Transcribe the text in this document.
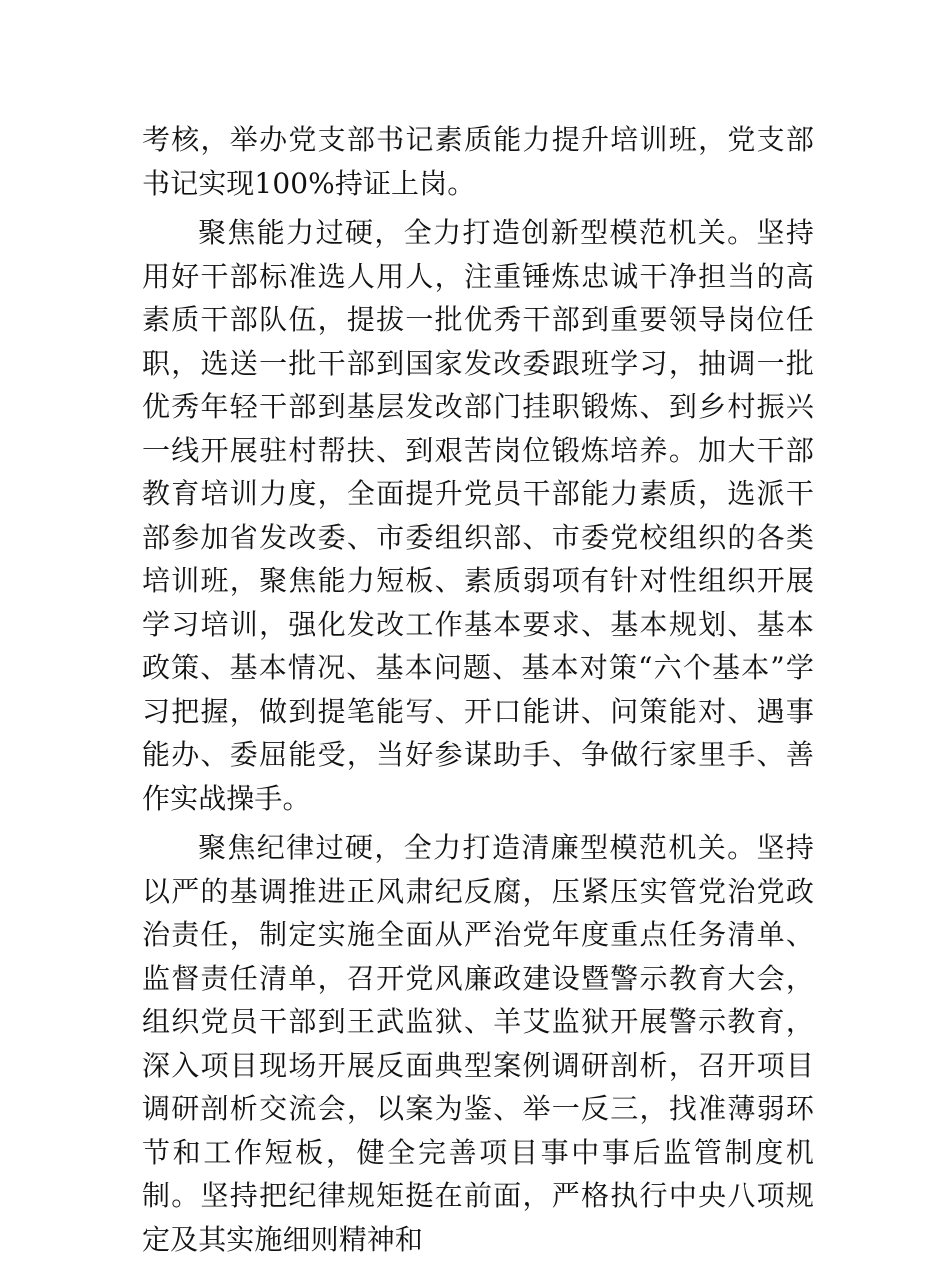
考核，举办党支部书记素质能力提升培训班，党支部书记实现100%持证上岗。

聚焦能力过硬，全力打造创新型模范机关。坚持用好干部标准选人用人，注重锤炼忠诚干净担当的高素质干部队伍，提拔一批优秀干部到重要领导岗位任职，选送一批干部到国家发改委跟班学习，抽调一批优秀年轻干部到基层发改部门挂职锻炼、到乡村振兴一线开展驻村帮扶、到艰苦岗位锻炼培养。加大干部教育培训力度，全面提升党员干部能力素质，选派干部参加省发改委、市委组织部、市委党校组织的各类培训班，聚焦能力短板、素质弱项有针对性组织开展学习培训，强化发改工作基本要求、基本规划、基本政策、基本情况、基本问题、基本对策“六个基本”学习把握，做到提笔能写、开口能讲、问策能对、遇事能办、委屈能受，当好参谋助手、争做行家里手、善作实战操手。

聚焦纪律过硬，全力打造清廉型模范机关。坚持以严的基调推进正风肃纪反腐，压紧压实管党治党政治责任，制定实施全面从严治党年度重点任务清单、监督责任清单，召开党风廉政建设暨警示教育大会，组织党员干部到王武监狱、羊艾监狱开展警示教育，深入项目现场开展反面典型案例调研剖析，召开项目调研剖析交流会，以案为鉴、举一反三，找准薄弱环节和工作短板，健全完善项目事中事后监管制度机制。坚持把纪律规矩挺在前面，严格执行中央八项规定及其实施细则精神和
